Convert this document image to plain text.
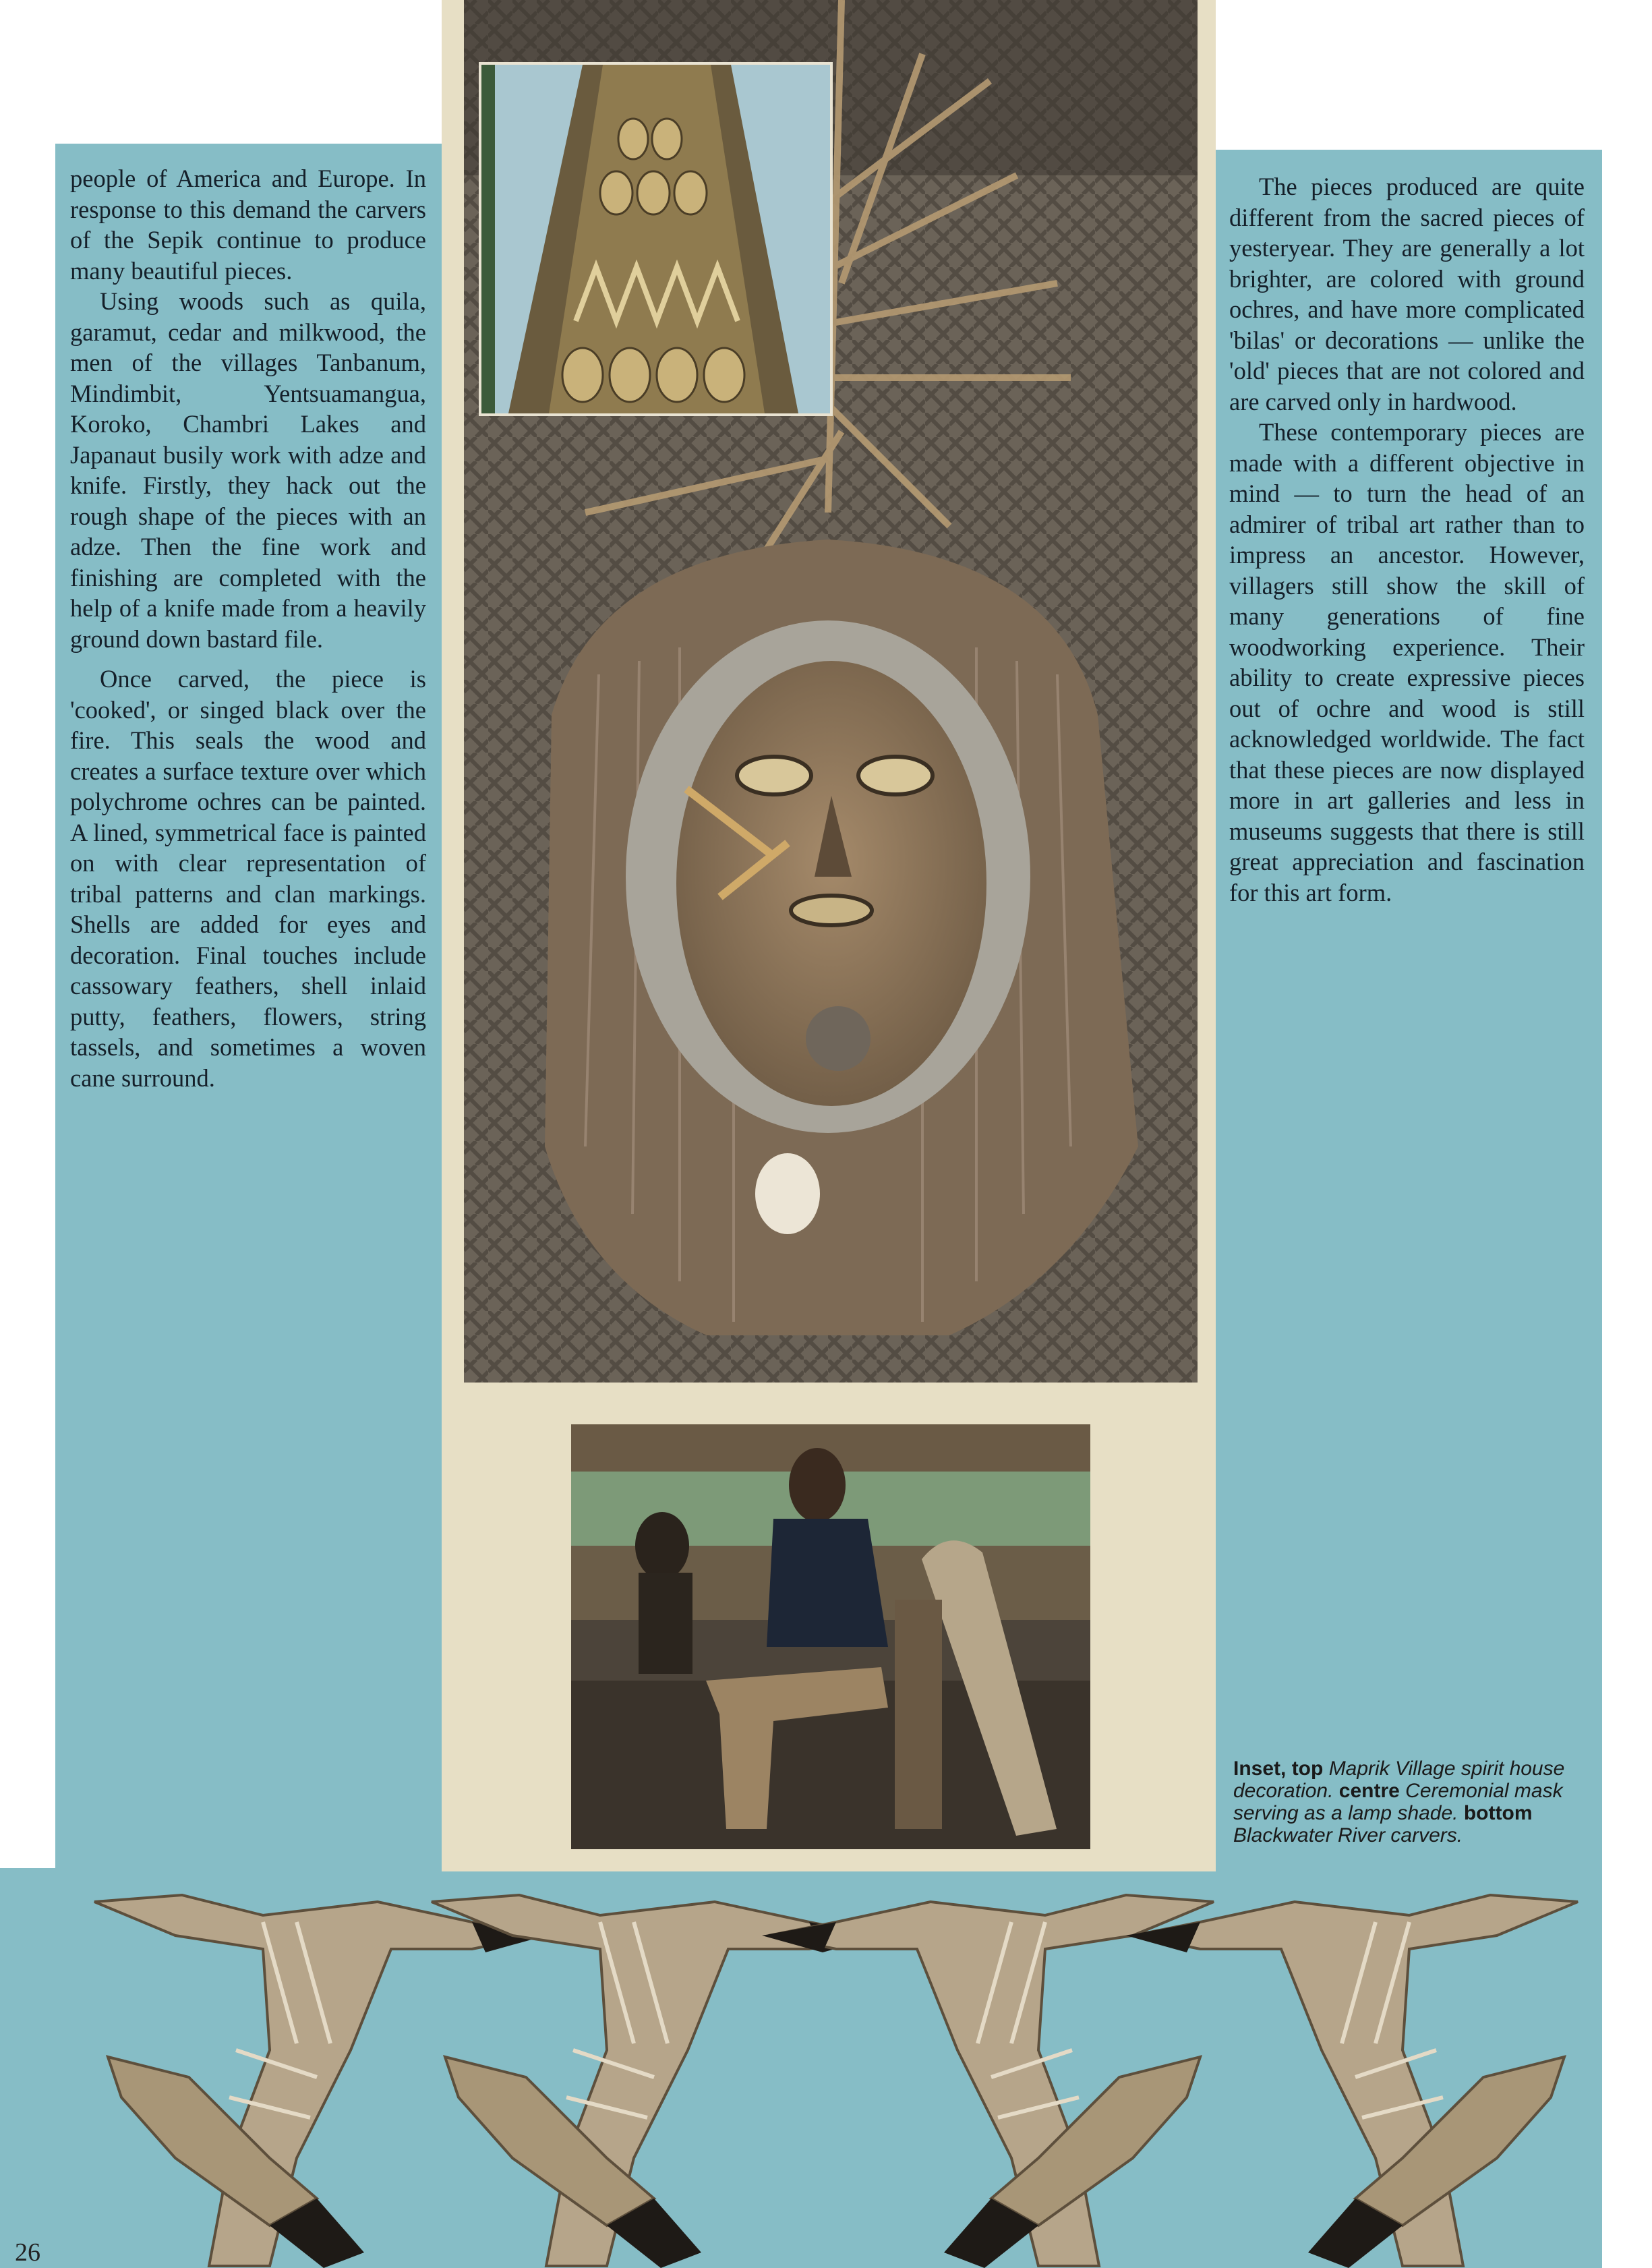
people of America and Europe. In response to this demand the carvers of the Sepik continue to produce many beautiful pieces.

Using woods such as quila, garamut, cedar and milkwood, the men of the villages Tanbanum, Mindimbit, Yentsuamangua, Koroko, Chambri Lakes and Japanaut busily work with adze and knife. Firstly, they hack out the rough shape of the pieces with an adze. Then the fine work and finishing are completed with the help of a knife made from a heavily ground down bastard file.

Once carved, the piece is 'cooked', or singed black over the fire. This seals the wood and creates a surface texture over which polychrome ochres can be painted. A lined, symmetrical face is painted on with clear representation of tribal patterns and clan markings. Shells are added for eyes and decoration. Final touches include cassowary feathers, shell inlaid putty, feathers, flowers, string tassels, and sometimes a woven cane surround.

The pieces produced are quite different from the sacred pieces of yesteryear. They are generally a lot brighter, are colored with ground ochres, and have more complicated 'bilas' or decorations — unlike the 'old' pieces that are not colored and are carved only in hardwood.

These contemporary pieces are made with a different objective in mind — to turn the head of an admirer of tribal art rather than to impress an ancestor. However, villagers still show the skill of many generations of fine woodworking experience. Their ability to create expressive pieces out of ochre and wood is still acknowledged worldwide. The fact that these pieces are now displayed more in art galleries and less in museums suggests that there is still great appreciation and fascination for this art form.

Inset, top Maprik Village spirit house decoration. centre Ceremonial mask serving as a lamp shade. bottom Blackwater River carvers.
26
